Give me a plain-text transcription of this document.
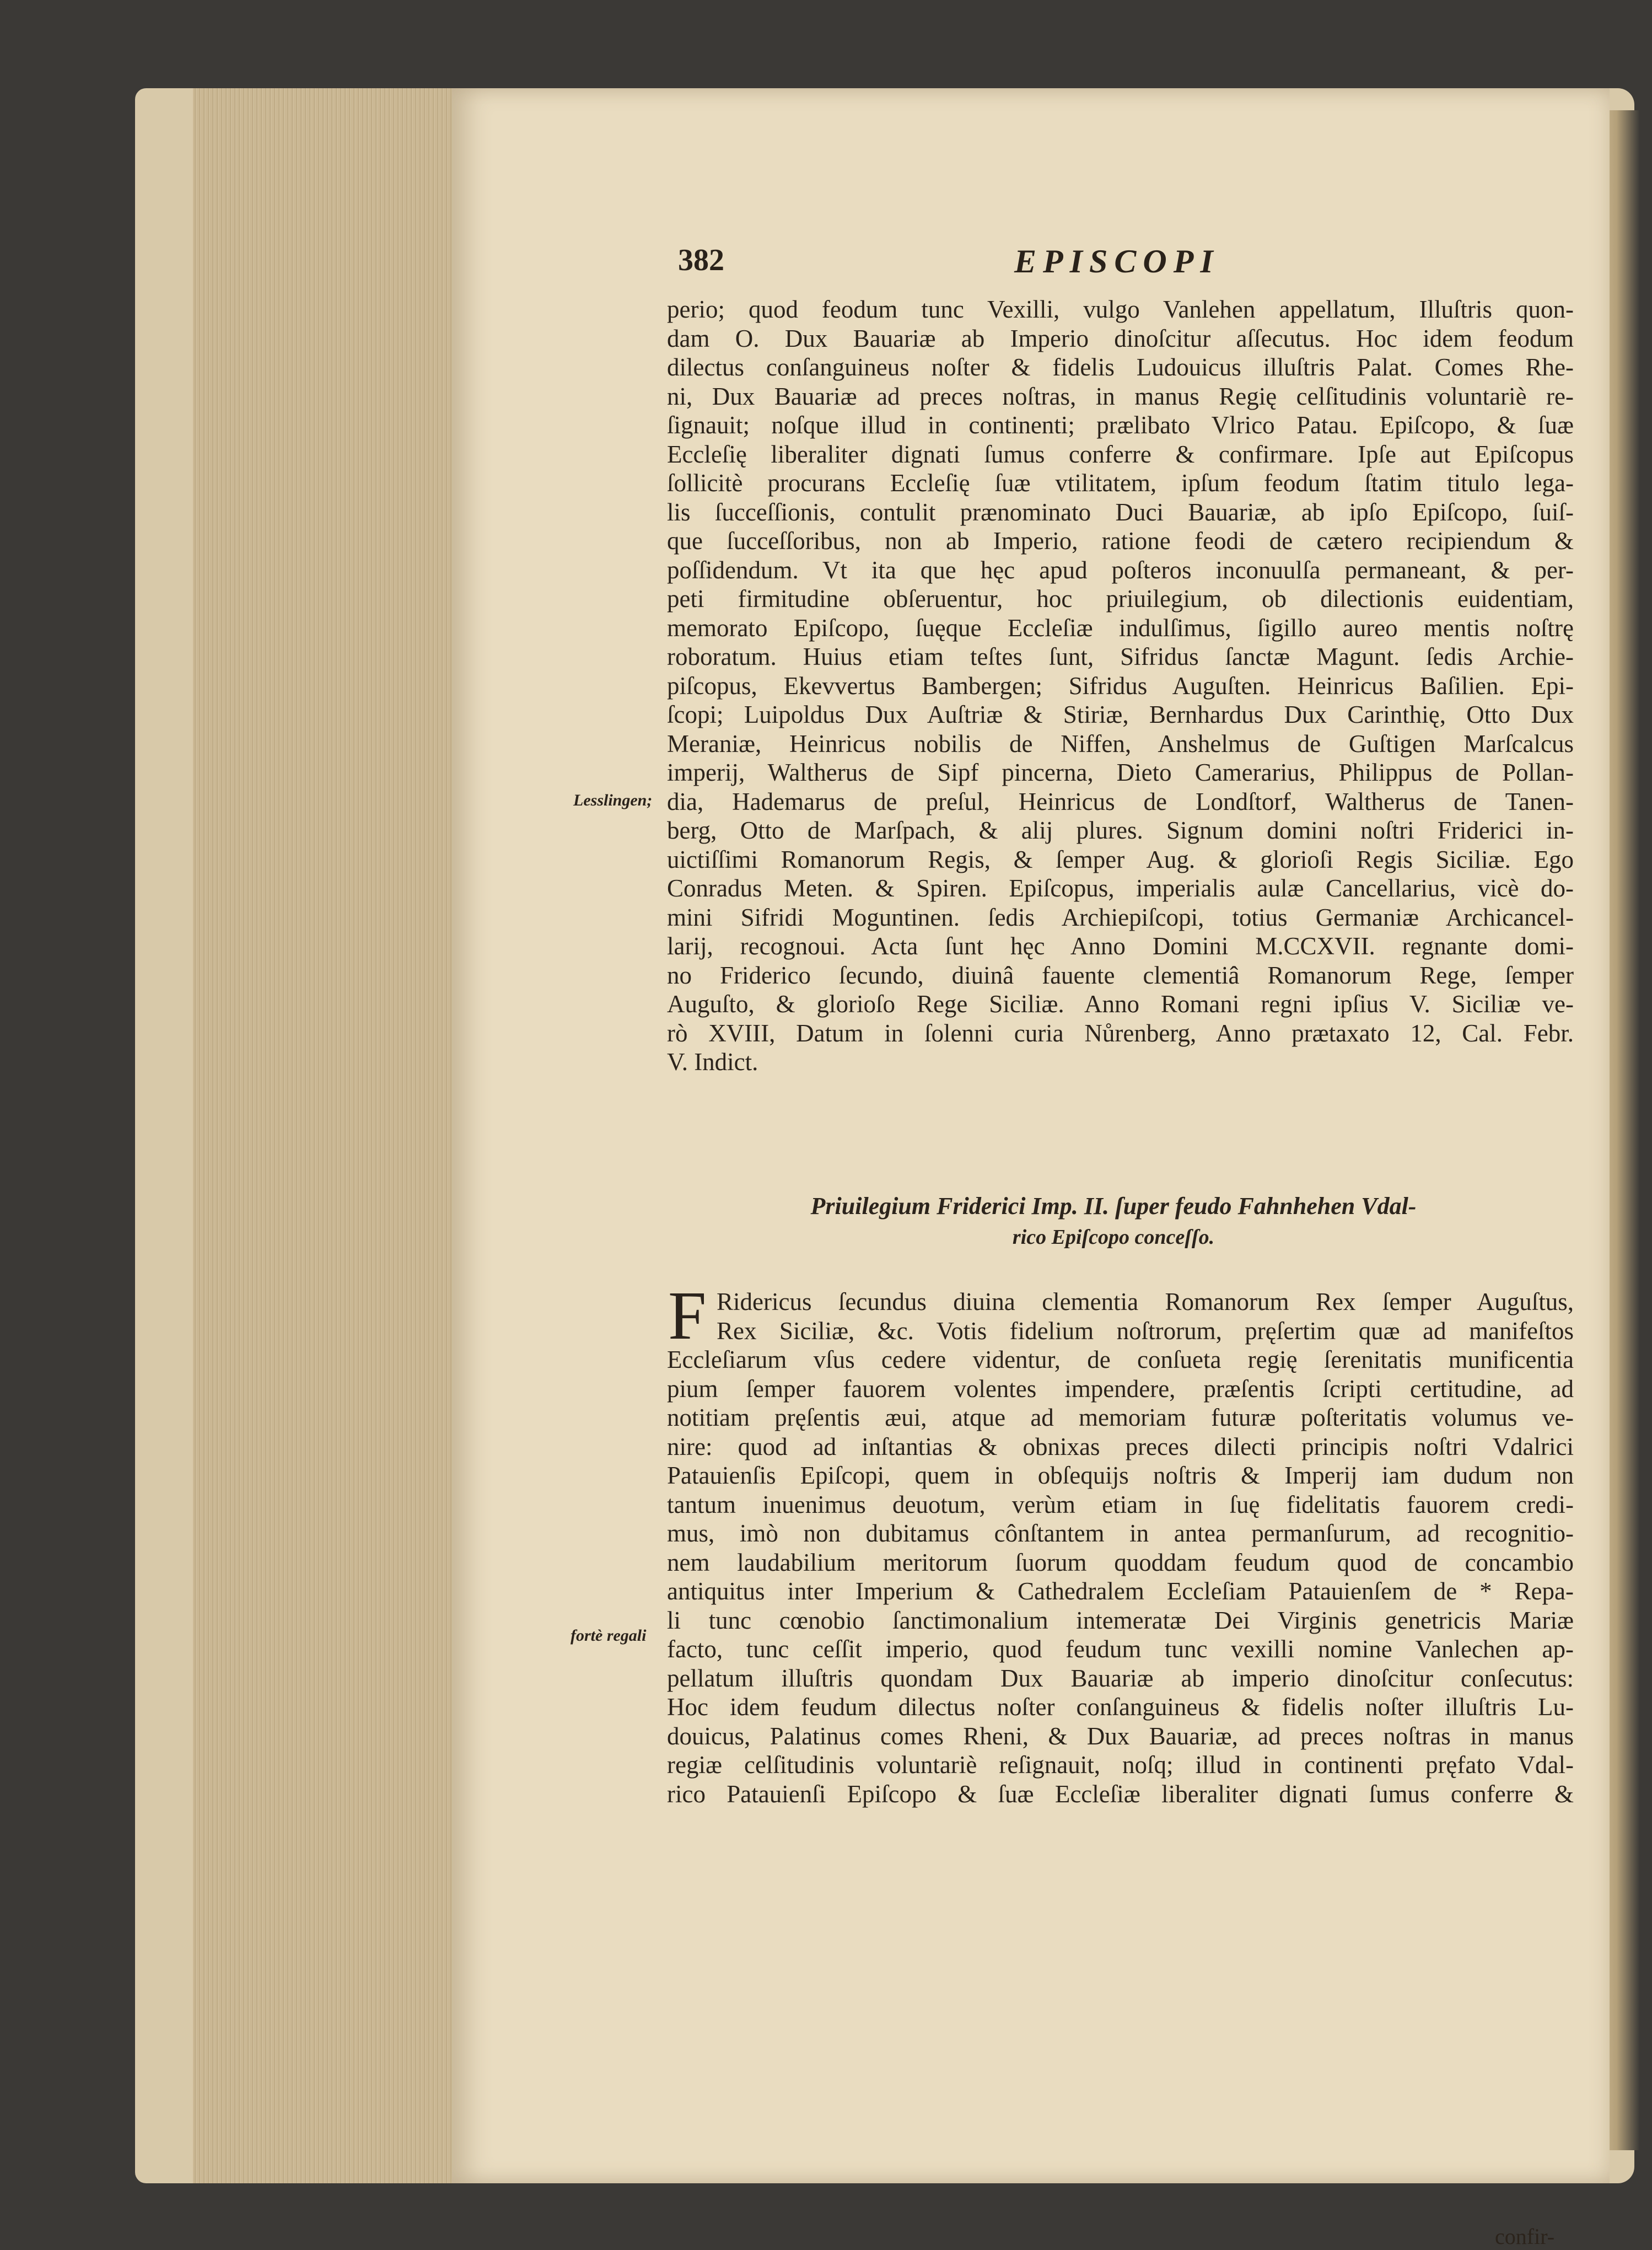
382	EPISCOPI
Lesslingen;
fortè regali
perio; quod feodum tunc Vexilli, vulgo Vanlehen appellatum, Illuſtris quon-
dam O. Dux Bauariæ ab Imperio dinoſcitur aſſecutus. Hoc idem feodum
dilectus conſanguineus noſter & fidelis Ludouicus illuſtris Palat. Comes Rhe-
ni, Dux Bauariæ ad preces noſtras, in manus Regię celſitudinis voluntariè re-
ſignauit; noſque illud in continenti; prælibato Vlrico Patau. Epiſcopo, & ſuæ
Eccleſię liberaliter dignati ſumus conferre & confirmare. Ipſe aut Epiſcopus
ſollicitè procurans Eccleſię ſuæ vtilitatem, ipſum feodum ſtatim titulo lega-
lis ſucceſſionis, contulit prænominato Duci Bauariæ, ab ipſo Epiſcopo, ſuiſ-
que ſucceſſoribus, non ab Imperio, ratione feodi de cætero recipiendum &
poſſidendum. Vt ita que hęc apud poſteros inconuulſa permaneant, & per-
peti firmitudine obſeruentur, hoc priuilegium, ob dilectionis euidentiam,
memorato Epiſcopo, ſuęque Eccleſiæ indulſimus, ſigillo aureo mentis noſtrę
roboratum. Huius etiam teſtes ſunt, Sifridus ſanctæ Magunt. ſedis Archie-
piſcopus, Ekevvertus Bambergen; Sifridus Auguſten. Heinricus Baſilien. Epi-
ſcopi; Luipoldus Dux Auſtriæ & Stiriæ, Bernhardus Dux Carinthię, Otto Dux
Meraniæ, Heinricus nobilis de Niffen, Anshelmus de Guſtigen Marſcalcus
imperij, Waltherus de Sipf pincerna, Dieto Camerarius, Philippus de Pollan-
dia, Hademarus de preſul, Heinricus de Londſtorf, Waltherus de Tanen-
berg, Otto de Marſpach, & alij plures. Signum domini noſtri Friderici in-
uictiſſimi Romanorum Regis, & ſemper Aug. & glorioſi Regis Siciliæ. Ego
Conradus Meten. & Spiren. Epiſcopus, imperialis aulæ Cancellarius, vicè do-
mini Sifridi Moguntinen. ſedis Archiepiſcopi, totius Germaniæ Archicancel-
larij, recognoui. Acta ſunt hęc Anno Domini M.CCXVII. regnante domi-
no Friderico ſecundo, diuinâ fauente clementiâ Romanorum Rege, ſemper
Auguſto, & glorioſo Rege Siciliæ. Anno Romani regni ipſius V. Siciliæ ve-
rò XVIII, Datum in ſolenni curia Nůrenberg, Anno prætaxato 12, Cal. Febr.
V. Indict.
Priuilegium Friderici Imp. II. ſuper feudo Fahnhehen Vdal-
rico Epiſcopo conceſſo.
F Ridericus ſecundus diuina clementia Romanorum Rex ſemper Auguſtus,
Rex Siciliæ, &c. Votis fidelium noſtrorum, pręſertim quæ ad manifeſtos
Eccleſiarum vſus cedere videntur, de conſueta regię ſerenitatis munificentia
pium ſemper fauorem volentes impendere, præſentis ſcripti certitudine, ad
notitiam pręſentis æui, atque ad memoriam futuræ poſteritatis volumus ve-
nire: quod ad inſtantias & obnixas preces dilecti principis noſtri Vdalrici
Patauienſis Epiſcopi, quem in obſequijs noſtris & Imperij iam dudum non
tantum inuenimus deuotum, verùm etiam in ſuę fidelitatis fauorem credi-
mus, imò non dubitamus cônſtantem in antea permanſurum, ad recognitio-
nem laudabilium meritorum ſuorum quoddam feudum quod de concambio
antiquitus inter Imperium & Cathedralem Eccleſiam Patauienſem de * Repa-
li tunc cœnobio ſanctimonalium intemeratæ Dei Virginis genetricis Mariæ
facto, tunc ceſſit imperio, quod feudum tunc vexilli nomine Vanlechen ap-
pellatum illuſtris quondam Dux Bauariæ ab imperio dinoſcitur conſecutus:
Hoc idem feudum dilectus noſter conſanguineus & fidelis noſter illuſtris Lu-
douicus, Palatinus comes Rheni, & Dux Bauariæ, ad preces noſtras in manus
regiæ celſitudinis voluntariè reſignauit, noſq; illud in continenti pręfato Vdal-
rico Patauienſi Epiſcopo & ſuæ Eccleſiæ liberaliter dignati ſumus conferre &
confir-
